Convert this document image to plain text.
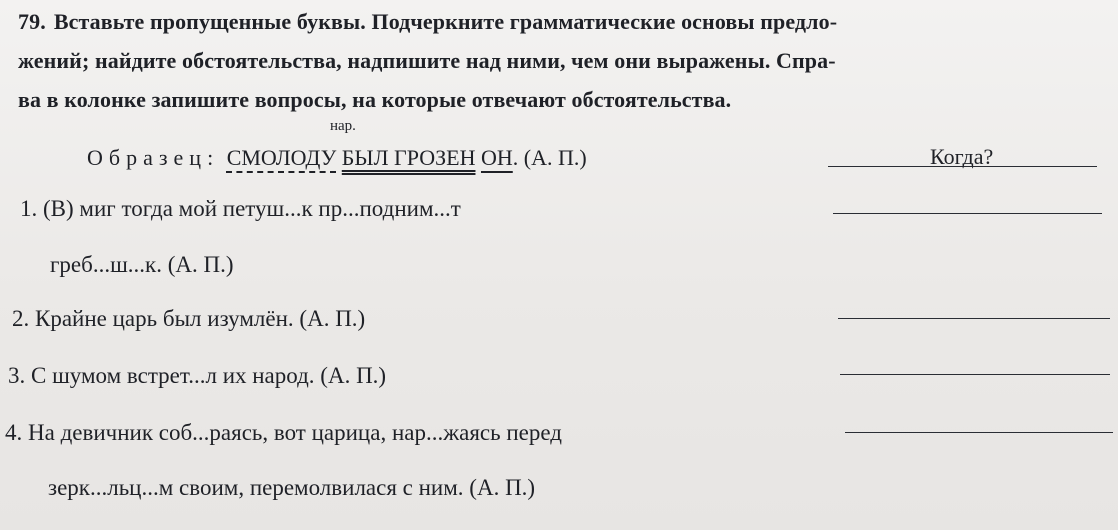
79. Вставьте пропущенные буквы. Подчеркните грамматические основы предло-
жений; найдите обстоятельства, надпишите над ними, чем они выражены. Спра-
ва в колонке запишите вопросы, на которые отвечают обстоятельства.
нар.
Образец: СМОЛОДУ БЫЛ ГРОЗЕН ОН. (А. П.)	Когда?
1. (В) миг тогда мой петуш...к пр...подним...т
греб...ш...к. (А. П.)
2. Крайне царь был изумлён. (А. П.)
3. С шумом встрет...л их народ. (А. П.)
4. На девичник соб...раясь, вот царица, нар...жаясь перед
зерк...льц...м своим, перемолвилася с ним. (А. П.)
